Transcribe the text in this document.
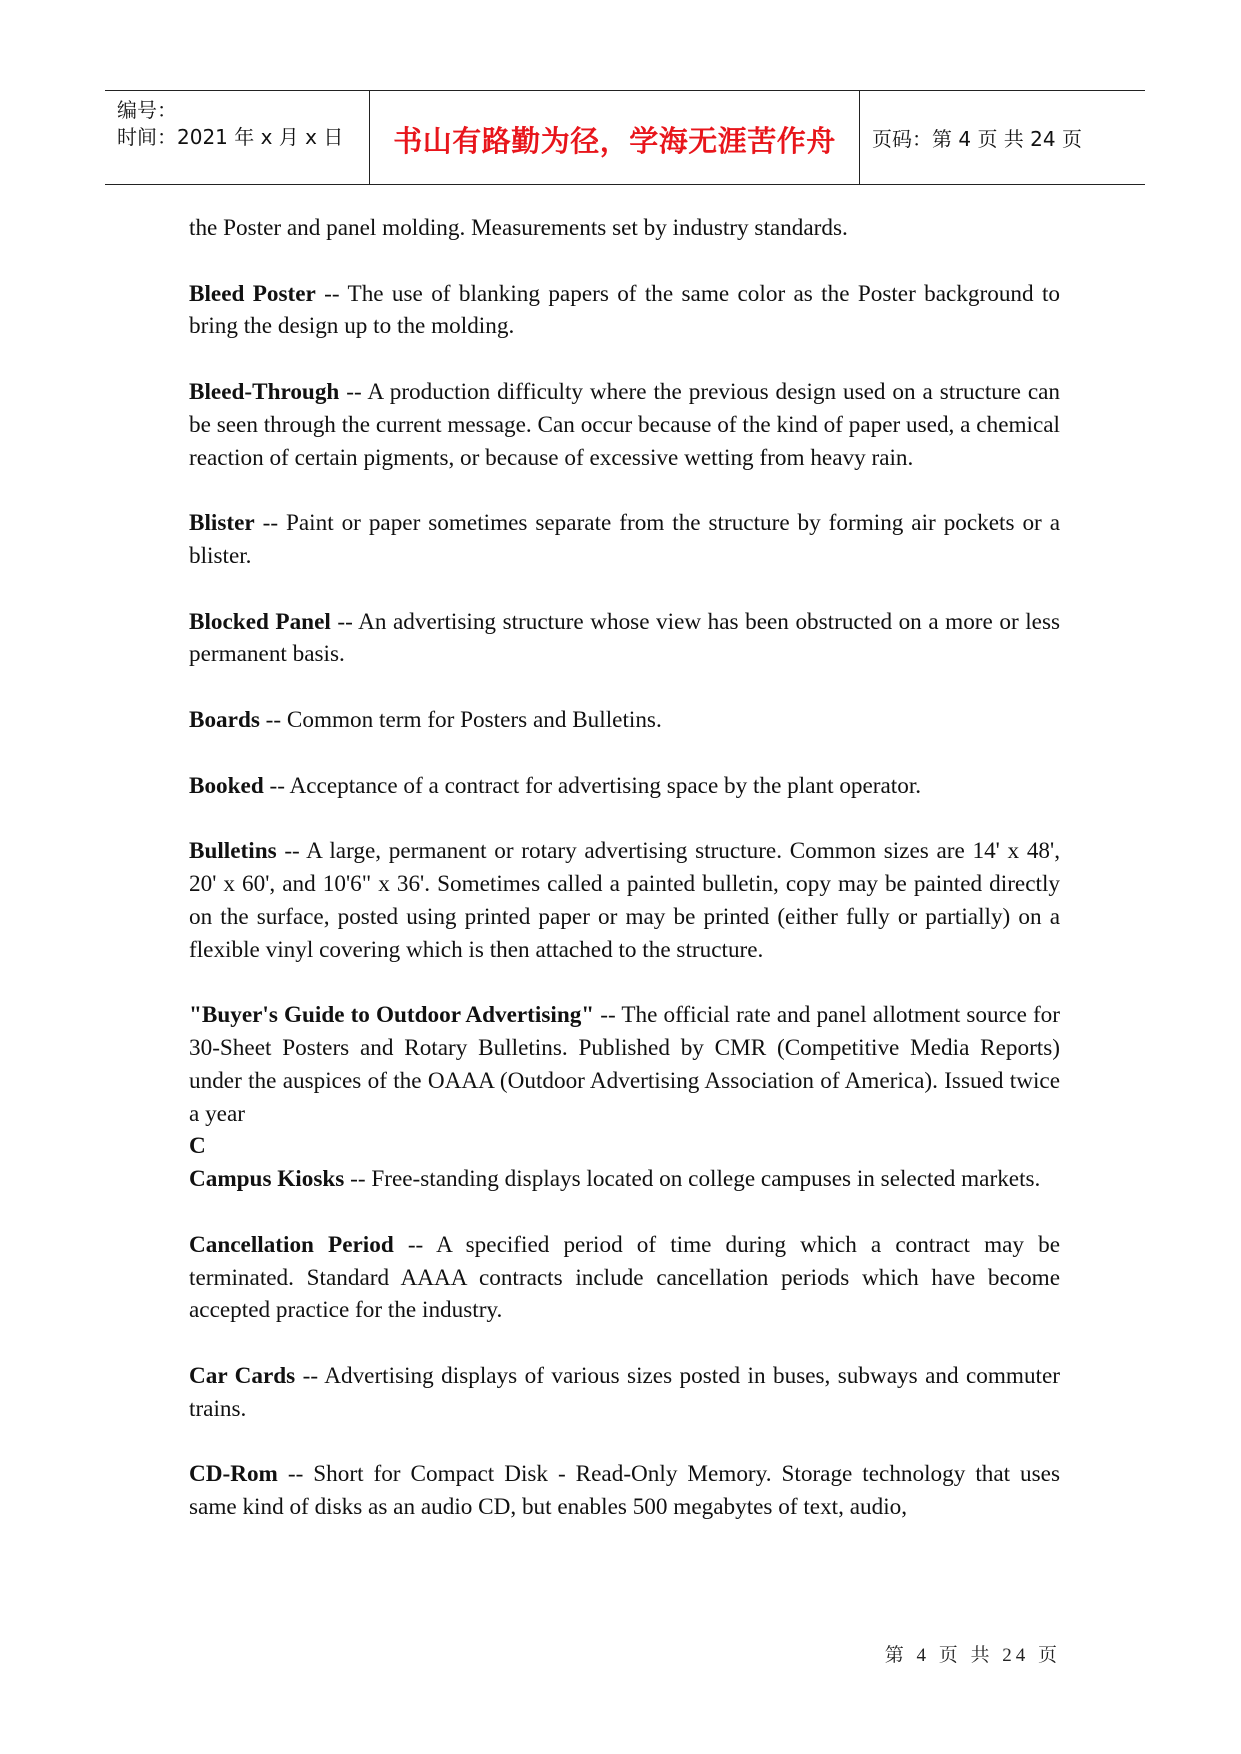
编号：
时间：2021 年 x 月 x 日 书山有路勤为径，学海无涯苦作舟 页码：第 4 页 共 24 页

the Poster and panel molding. Measurements set by industry standards.

Bleed Poster -- The use of blanking papers of the same color as the Poster background to bring the design up to the molding.

Bleed-Through -- A production difficulty where the previous design used on a structure can be seen through the current message. Can occur because of the kind of paper used, a chemical reaction of certain pigments, or because of excessive wetting from heavy rain.

Blister -- Paint or paper sometimes separate from the structure by forming air pockets or a blister.

Blocked Panel -- An advertising structure whose view has been obstructed on a more or less permanent basis.

Boards -- Common term for Posters and Bulletins.

Booked -- Acceptance of a contract for advertising space by the plant operator.

Bulletins -- A large, permanent or rotary advertising structure. Common sizes are 14' x 48', 20' x 60', and 10'6" x 36'. Sometimes called a painted bulletin, copy may be painted directly on the surface, posted using printed paper or may be printed (either fully or partially) on a flexible vinyl covering which is then attached to the structure.

"Buyer's Guide to Outdoor Advertising" -- The official rate and panel allotment source for 30-Sheet Posters and Rotary Bulletins. Published by CMR (Competitive Media Reports) under the auspices of the OAAA (Outdoor Advertising Association of America). Issued twice a year

C

Campus Kiosks -- Free-standing displays located on college campuses in selected markets.

Cancellation Period -- A specified period of time during which a contract may be terminated. Standard AAAA contracts include cancellation periods which have become accepted practice for the industry.

Car Cards -- Advertising displays of various sizes posted in buses, subways and commuter trains.

CD-Rom -- Short for Compact Disk - Read-Only Memory. Storage technology that uses same kind of disks as an audio CD, but enables 500 megabytes of text, audio,

第 4 页 共 24 页
